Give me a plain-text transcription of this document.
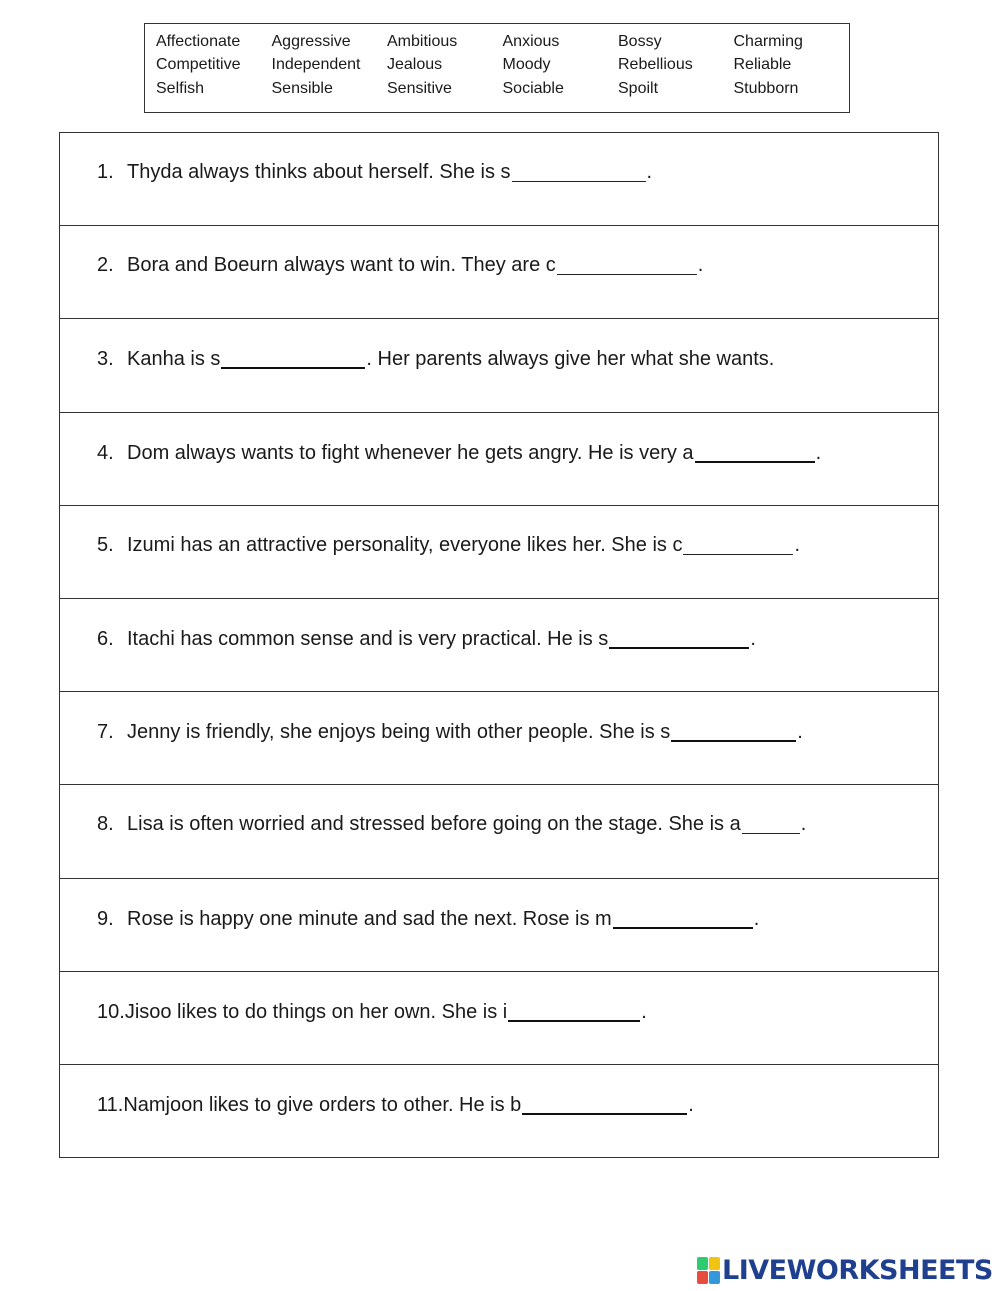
Affectionate	Aggressive	Ambitious	Anxious	Bossy	Charming
Competitive	Independent	Jealous	Moody	Rebellious	Reliable
Selfish	Sensible	Sensitive	Sociable	Spoilt	Stubborn
1. Thyda always thinks about herself. She is s	.
2. Bora and Boeurn always want to win. They are c	.
3. Kanha is s	. Her parents always give her what she wants.
4. Dom always wants to fight whenever he gets angry. He is very a	.
5. Izumi has an attractive personality, everyone likes her. She is c	.
6. Itachi has common sense and is very practical. He is s	.
7. Jenny is friendly, she enjoys being with other people. She is s	.
8. Lisa is often worried and stressed before going on the stage. She is a	.
9. Rose is happy one minute and sad the next. Rose is m	.
10. Jisoo likes to do things on her own. She is i	.
11. Namjoon likes to give orders to other. He is b	.
LIVEWORKSHEETS
